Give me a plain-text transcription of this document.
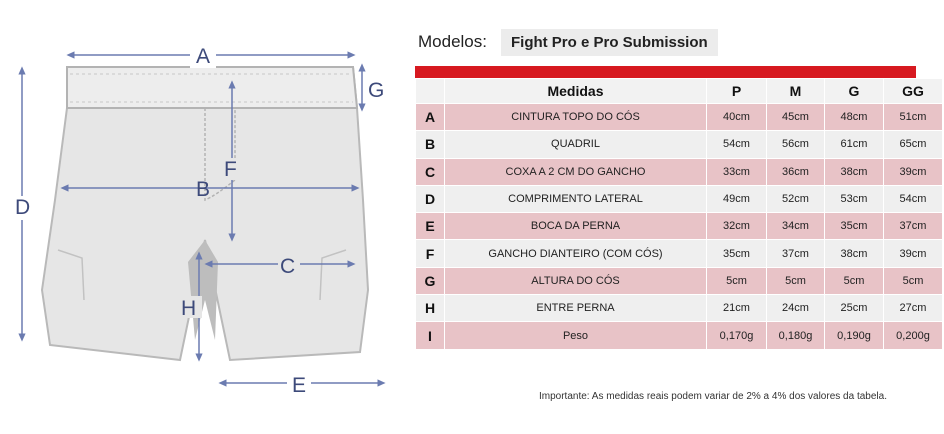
A
B
C
D
E
F
G
H
Modelos:	Fight Pro e Pro Submission
	Medidas	P	M	G	GG
A	CINTURA TOPO DO CÓS	40cm	45cm	48cm	51cm
B	QUADRIL	54cm	56cm	61cm	65cm
C	COXA A 2 CM DO GANCHO	33cm	36cm	38cm	39cm
D	COMPRIMENTO LATERAL	49cm	52cm	53cm	54cm
E	BOCA DA PERNA	32cm	34cm	35cm	37cm
F	GANCHO DIANTEIRO (COM CÓS)	35cm	37cm	38cm	39cm
G	ALTURA DO CÓS	5cm	5cm	5cm	5cm
H	ENTRE PERNA	21cm	24cm	25cm	27cm
I	Peso	0,170g	0,180g	0,190g	0,200g
Importante: As medidas reais podem variar de 2% a 4% dos valores da tabela.
